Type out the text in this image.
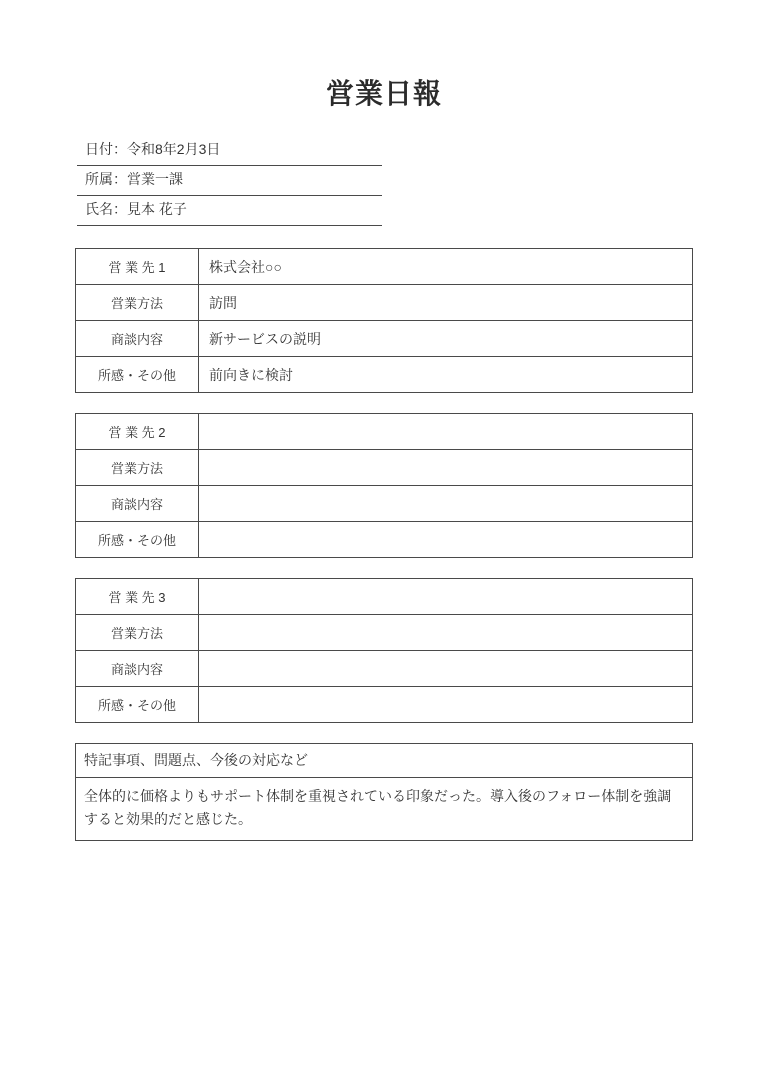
営業日報
日付：令和8年2月3日
所属：営業一課
氏名：見本 花子
営 業 先 1	株式会社○○
営業方法	訪問
商談内容	新サービスの説明
所感・その他	前向きに検討
営 業 先 2	
営業方法	
商談内容	
所感・その他	
営 業 先 3	
営業方法	
商談内容	
所感・その他	
特記事項、問題点、今後の対応など
全体的に価格よりもサポート体制を重視されている印象だった。導入後のフォロー体制を強調すると効果的だと感じた。
